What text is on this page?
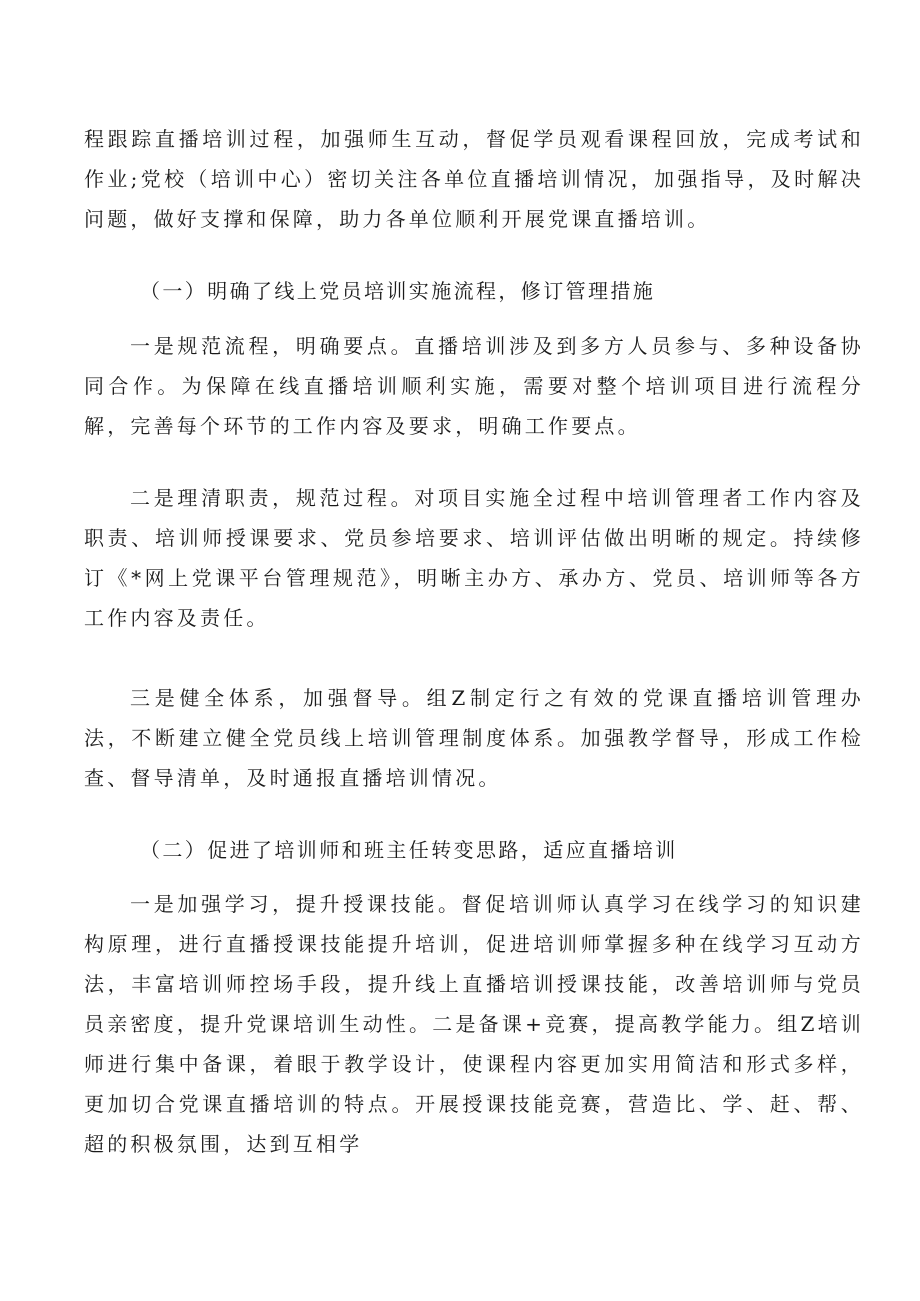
程跟踪直播培训过程，加强师生互动，督促学员观看课程回放，完成考试和作业;党校（培训中心）密切关注各单位直播培训情况，加强指导，及时解决问题，做好支撑和保障，助力各单位顺利开展党课直播培训。

（一）明确了线上党员培训实施流程，修订管理措施

一是规范流程，明确要点。直播培训涉及到多方人员参与、多种设备协同合作。为保障在线直播培训顺利实施，需要对整个培训项目进行流程分解，完善每个环节的工作内容及要求，明确工作要点。

二是理清职责，规范过程。对项目实施全过程中培训管理者工作内容及职责、培训师授课要求、党员参培要求、培训评估做出明晰的规定。持续修订《*网上党课平台管理规范》，明晰主办方、承办方、党员、培训师等各方工作内容及责任。

三是健全体系，加强督导。组Z制定行之有效的党课直播培训管理办法，不断建立健全党员线上培训管理制度体系。加强教学督导，形成工作检查、督导清单，及时通报直播培训情况。

（二）促进了培训师和班主任转变思路，适应直播培训

一是加强学习，提升授课技能。督促培训师认真学习在线学习的知识建构原理，进行直播授课技能提升培训，促进培训师掌握多种在线学习互动方法，丰富培训师控场手段，提升线上直播培训授课技能，改善培训师与党员员亲密度，提升党课培训生动性。二是备课+竞赛，提高教学能力。组Z培训师进行集中备课，着眼于教学设计，使课程内容更加实用简洁和形式多样，更加切合党课直播培训的特点。开展授课技能竞赛，营造比、学、赶、帮、超的积极氛围，达到互相学
